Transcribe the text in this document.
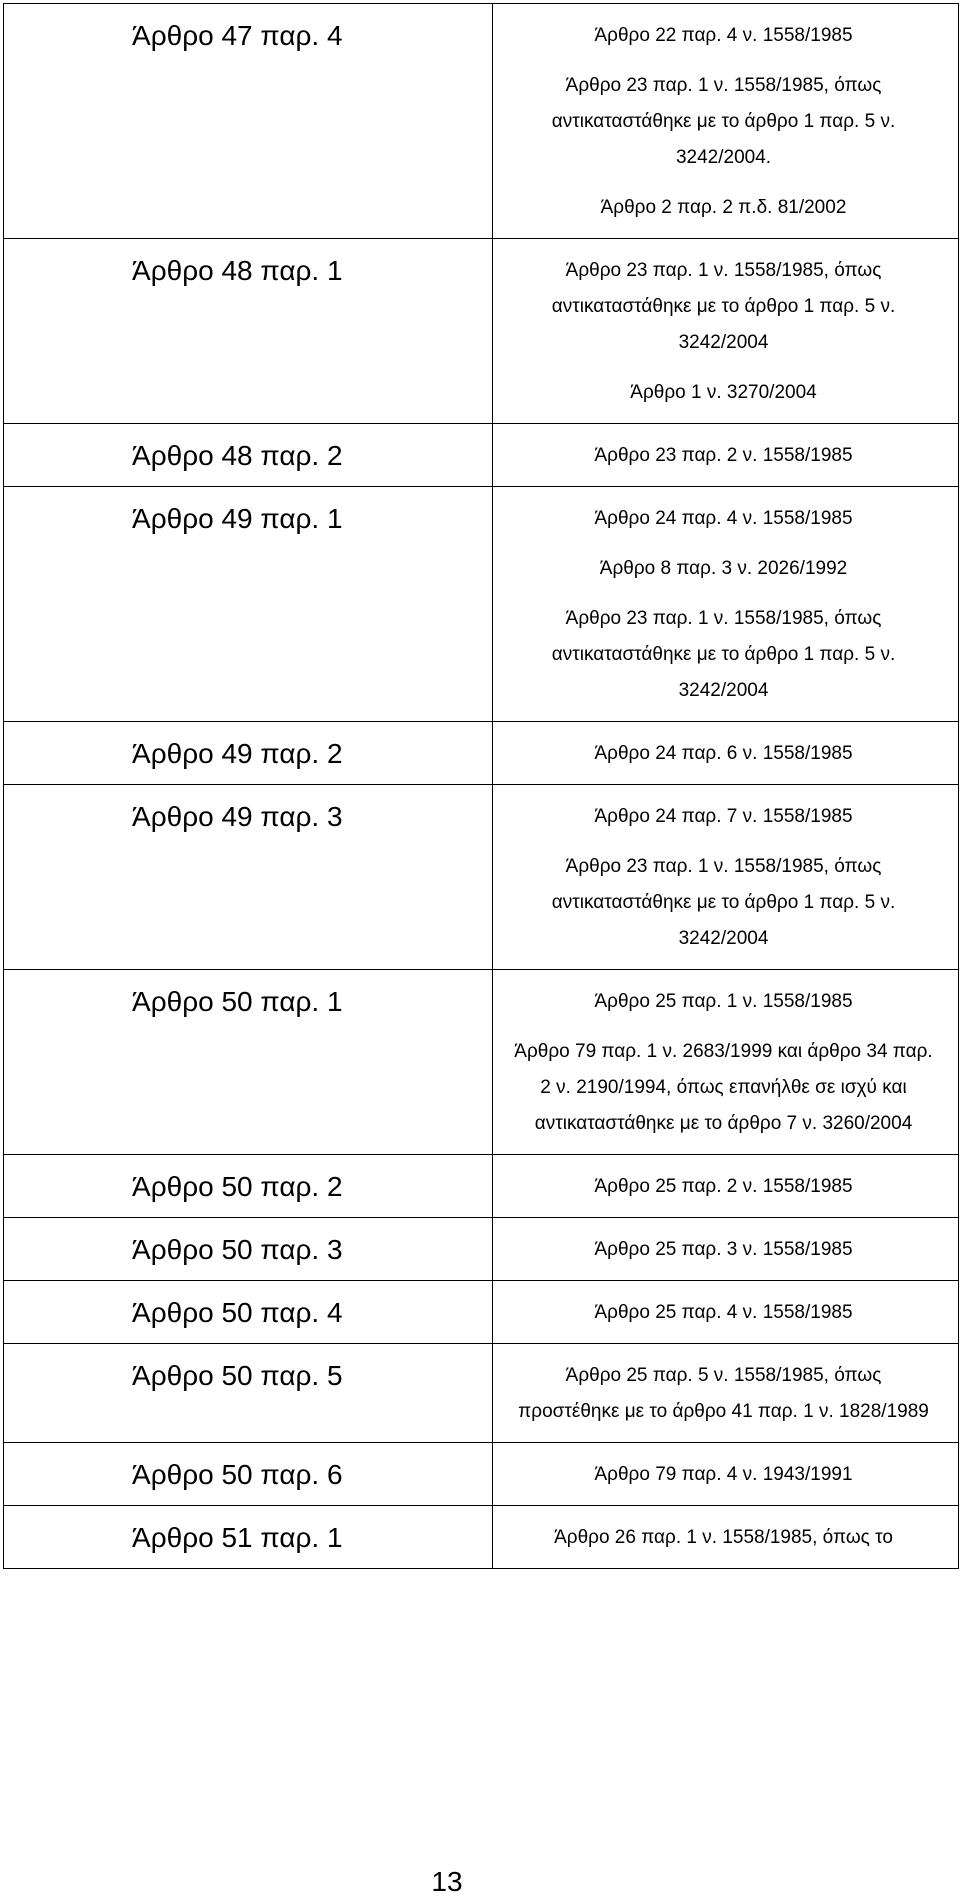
Άρθρο 47 παρ. 4	Άρθρο 22 παρ. 4 ν. 1558/1985
Άρθρο 23 παρ. 1 ν. 1558/1985, όπως αντικαταστάθηκε με το άρθρο 1 παρ. 5 ν. 3242/2004.
Άρθρο 2 παρ. 2 π.δ. 81/2002

Άρθρο 48 παρ. 1	Άρθρο 23 παρ. 1 ν. 1558/1985, όπως αντικαταστάθηκε με το άρθρο 1 παρ. 5 ν. 3242/2004
Άρθρο 1 ν. 3270/2004

Άρθρο 48 παρ. 2	Άρθρο 23 παρ. 2 ν. 1558/1985

Άρθρο 49 παρ. 1	Άρθρο 24 παρ. 4 ν. 1558/1985
Άρθρο 8 παρ. 3 ν. 2026/1992
Άρθρο 23 παρ. 1 ν. 1558/1985, όπως αντικαταστάθηκε με το άρθρο 1 παρ. 5 ν. 3242/2004

Άρθρο 49 παρ. 2	Άρθρο 24 παρ. 6 ν. 1558/1985

Άρθρο 49 παρ. 3	Άρθρο 24 παρ. 7 ν. 1558/1985
Άρθρο 23 παρ. 1 ν. 1558/1985, όπως αντικαταστάθηκε με το άρθρο 1 παρ. 5 ν. 3242/2004

Άρθρο 50 παρ. 1	Άρθρο 25 παρ. 1 ν. 1558/1985
Άρθρο 79 παρ. 1 ν. 2683/1999 και άρθρο 34 παρ. 2 ν. 2190/1994, όπως επανήλθε σε ισχύ και αντικαταστάθηκε με το άρθρο 7 ν. 3260/2004

Άρθρο 50 παρ. 2	Άρθρο 25 παρ. 2 ν. 1558/1985

Άρθρο 50 παρ. 3	Άρθρο 25 παρ. 3 ν. 1558/1985

Άρθρο 50 παρ. 4	Άρθρο 25 παρ. 4 ν. 1558/1985

Άρθρο 50 παρ. 5	Άρθρο 25 παρ. 5 ν. 1558/1985, όπως προστέθηκε με το άρθρο 41 παρ. 1 ν. 1828/1989

Άρθρο 50 παρ. 6	Άρθρο 79 παρ. 4 ν. 1943/1991

Άρθρο 51 παρ. 1	Άρθρο 26 παρ. 1 ν. 1558/1985, όπως το
13
